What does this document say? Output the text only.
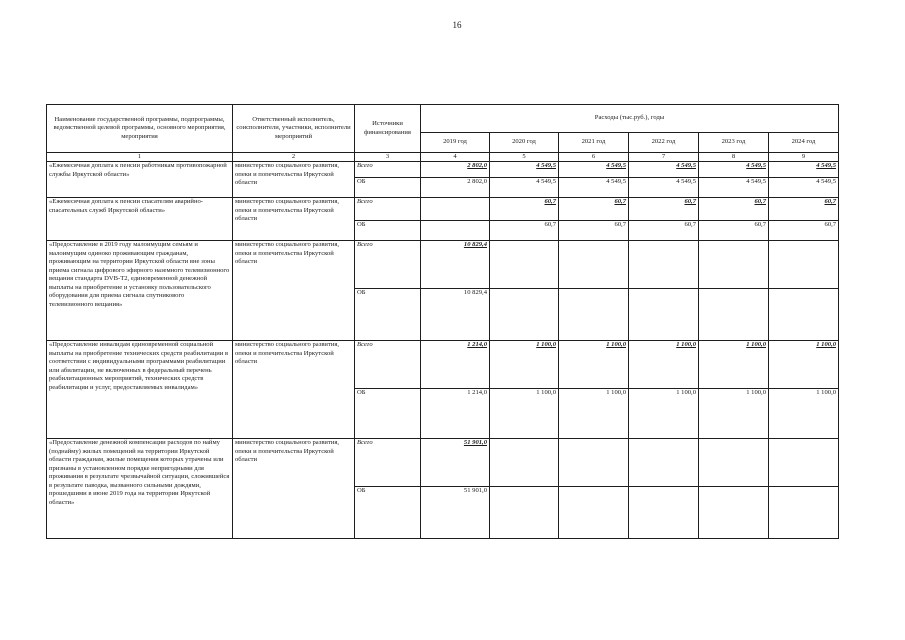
16
Наименование государственной программы, подпрограммы, ведомственной целевой программы, основного мероприятия, мероприятия	Ответственный исполнитель, соисполнители, участники, исполнители мероприятий	Источники финансирования	Расходы (тыс.руб.), годы					
			2019 год	2020 год	2021 год	2022 год	2023 год	2024 год
1	2	3	4	5	6	7	8	9
«Ежемесячная доплата к пенсии работникам противопожарной службы Иркутской области»	министерство социального развития, опеки и попечительства Иркутской области	Всего	2 802,0	4 549,5	4 549,5	4 549,5	4 549,5	4 549,5
		ОБ	2 802,0	4 549,5	4 549,5	4 549,5	4 549,5	4 549,5
«Ежемесячная доплата к пенсии спасателям аварийно-спасательных служб Иркутской области»	министерство социального развития, опеки и попечительства Иркутской области	Всего		60,7	60,7	60,7	60,7	60,7
		ОБ		60,7	60,7	60,7	60,7	60,7
«Предоставление в 2019 году малоимущим семьям и малоимущим одиноко проживающим гражданам, проживающим на территории Иркутской области вне зоны приема сигнала цифрового эфирного наземного телевизионного вещания стандарта DVB-T2, единовременной денежной выплаты на приобретение и установку пользовательского оборудования для приема сигнала спутникового телевизионного вещания»	министерство социального развития, опеки и попечительства Иркутской области	Всего	10 829,4					
		ОБ	10 829,4					
«Предоставление инвалидам единовременной социальной выплаты на приобретение технических средств реабилитации в соответствии с индивидуальными программами реабилитации или абилитации, не включенных в федеральный перечень реабилитационных мероприятий, технических средств реабилитации и услуг, предоставляемых инвалидам»	министерство социального развития, опеки и попечительства Иркутской области	Всего	1 214,0	1 100,0	1 100,0	1 100,0	1 100,0	1 100,0
		ОБ	1 214,0	1 100,0	1 100,0	1 100,0	1 100,0	1 100,0
«Предоставление денежной компенсации расходов по найму (поднайму) жилых помещений на территории Иркутской области гражданам, жилые помещения которых утрачены или признаны в установленном порядке непригодными для проживания в результате чрезвычайной ситуации, сложившейся в результате паводка, вызванного сильными дождями, прошедшими в июне 2019 года на территории Иркутской области»	министерство социального развития, опеки и попечительства Иркутской области	Всего	51 901,0					
		ОБ	51 901,0					
